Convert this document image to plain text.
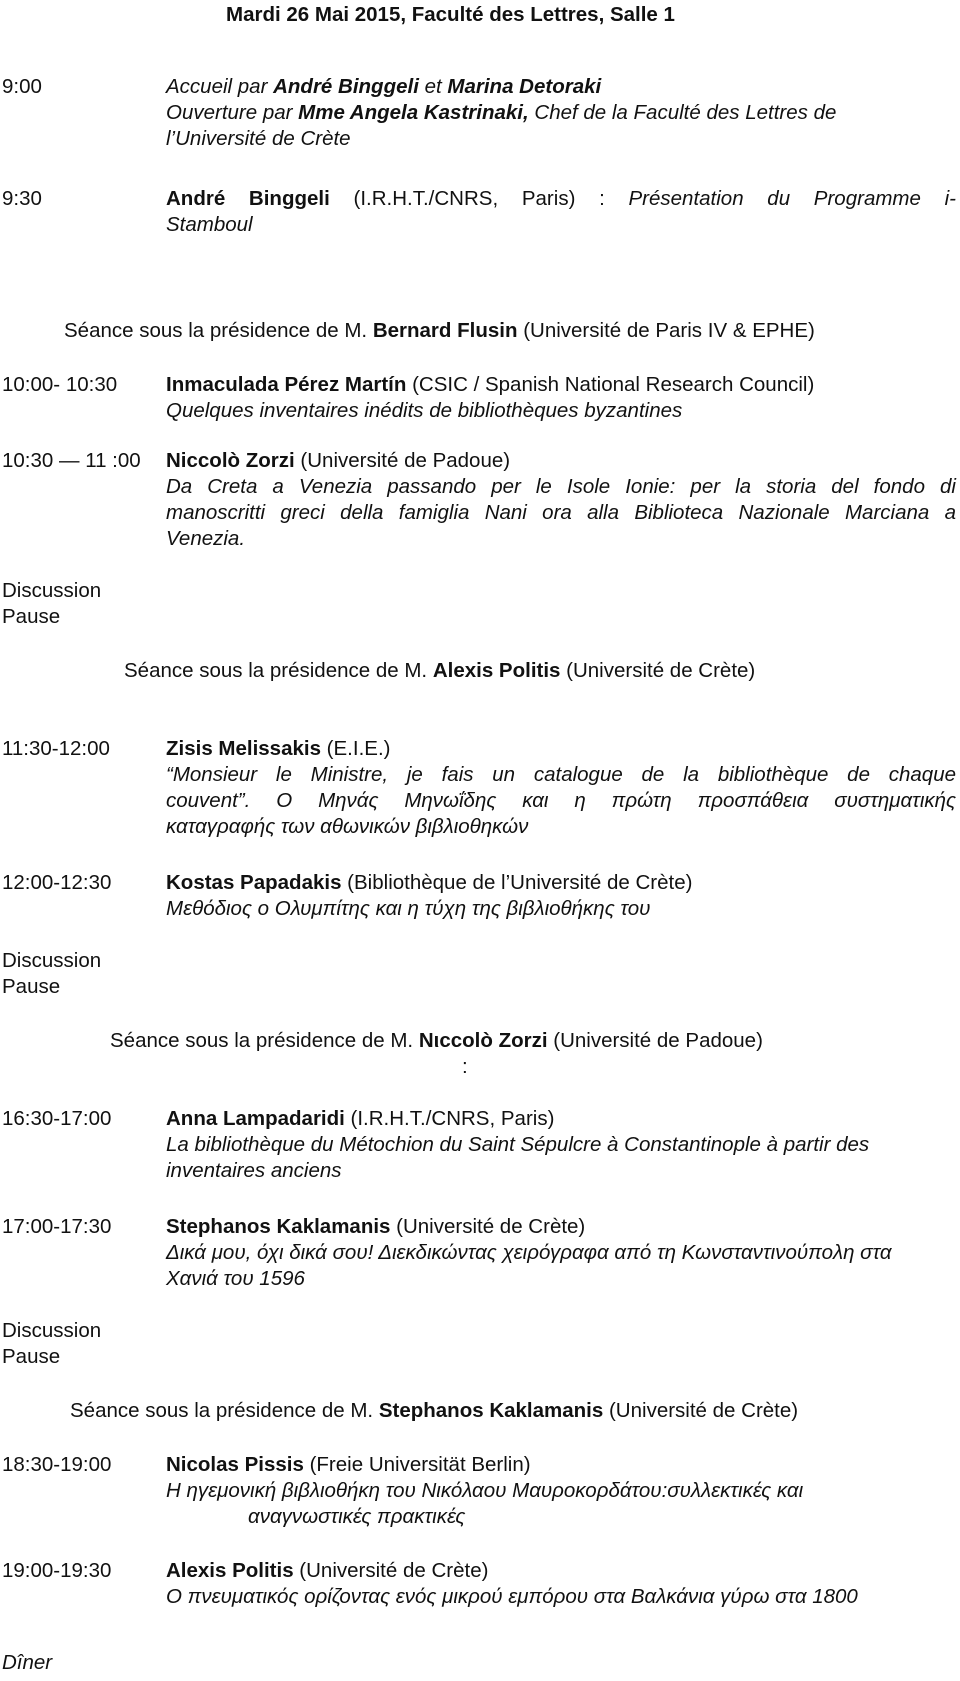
Mardi 26 Mai 2015, Faculté des Lettres, Salle 1
9:00	Accueil par André Binggeli et Marina Detoraki
Ouverture par Mme Angela Kastrinaki, Chef de la Faculté des Lettres de
l’Université de Crète
9:30	André Binggeli (I.R.H.T./CNRS, Paris) : Présentation du Programme i-
Stamboul
Séance sous la présidence de M. Bernard Flusin (Université de Paris IV & EPHE)
10:00- 10:30 Inmaculada Pérez Martín (CSIC / Spanish National Research Council)
Quelques inventaires inédits de bibliothèques byzantines
10:30 — 11 :00 Niccolò Zorzi (Université de Padoue)
Da Creta a Venezia passando per le Isole Ionie: per la storia del fondo di
manoscritti greci della famiglia Nani ora alla Biblioteca Nazionale Marciana a
Venezia.
Discussion
Pause
Séance sous la présidence de M. Alexis Politis (Université de Crète)
11:30-12:00	Zisis Melissakis (E.I.E.)
“Monsieur le Ministre, je fais un catalogue de la bibliothèque de chaque
couvent”. Ο Μηνάς Μηνωΐδης και η πρώτη προσπάθεια συστηματικής
καταγραφής των αθωνικών βιβλιοθηκών
12:00-12:30	Kostas Papadakis (Bibliothèque de l’Université de Crète)
Μεθόδιος ο Ολυμπίτης και η τύχη της βιβλιοθήκης του
Discussion
Pause
Séance sous la présidence de M. Nιccolò Zorzi (Université de Padoue)
:
16:30-17:00	Anna Lampadaridi (I.R.H.T./CNRS, Paris)
La bibliothèque du Métochion du Saint Sépulcre à Constantinople à partir des
inventaires anciens
17:00-17:30	Stephanos Kaklamanis (Université de Crète)
Δικά μου, όχι δικά σου! Διεκδικώντας χειρόγραφα από τη Κωνσταντινούπολη στα
Χανιά του 1596
Discussion
Pause
Séance sous la présidence de M. Stephanos Kaklamanis (Université de Crète)
18:30-19:00	Nicolas Pissis (Freie Universität Berlin)
Η ηγεμονική βιβλιοθήκη του Νικόλαου Μαυροκορδάτου:συλλεκτικές και
αναγνωστικές πρακτικές
19:00-19:30	Alexis Politis (Université de Crète)
Ο πνευματικός ορίζοντας ενός μικρού εμπόρου στα Βαλκάνια γύρω στα 1800
Dîner
